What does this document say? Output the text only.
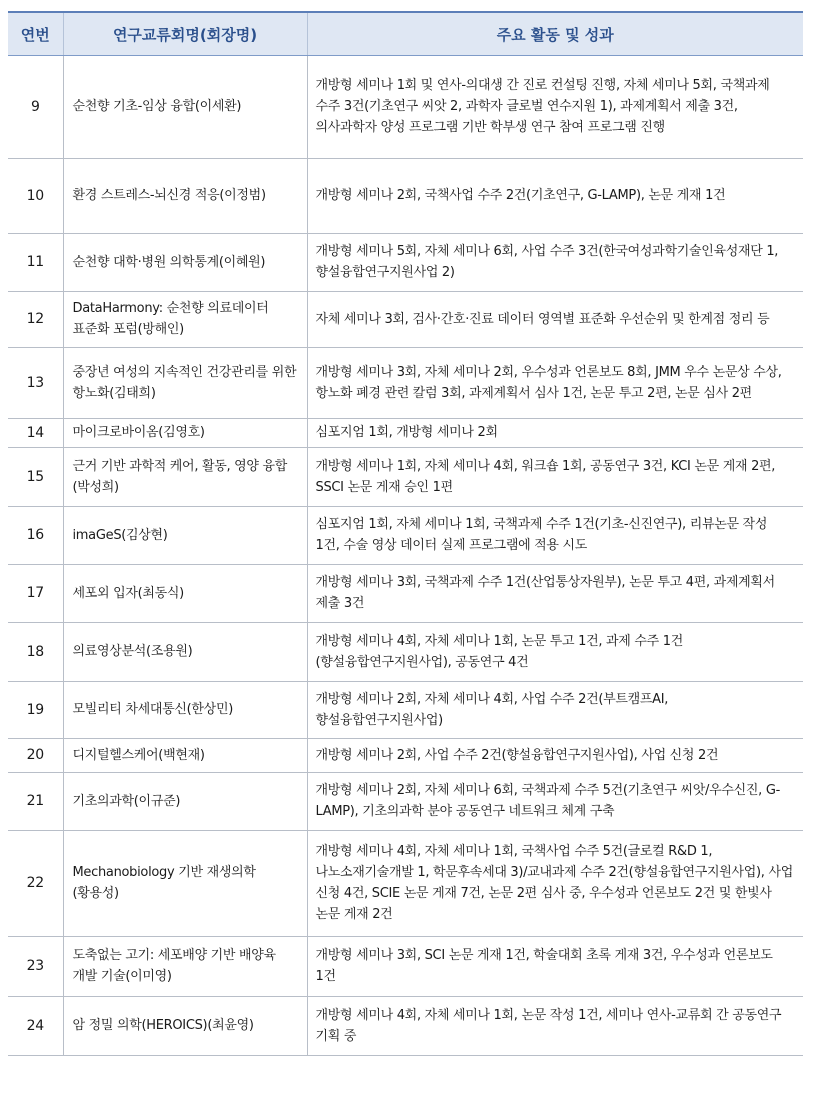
연번	연구교류회명(회장명)	주요 활동 및 성과
9	순천향 기초-임상 융합(이세환)	개방형 세미나 1회 및 연사-의대생 간 진로 컨설팅 진행, 자체 세미나 5회, 국책과제 수주 3건(기초연구 씨앗 2, 과학자 글로벌 연수지원 1), 과제계획서 제출 3건, 의사과학자 양성 프로그램 기반 학부생 연구 참여 프로그램 진행
10	환경 스트레스-뇌신경 적응(이정범)	개방형 세미나 2회, 국책사업 수주 2건(기초연구, G-LAMP), 논문 게재 1건
11	순천향 대학·병원 의학통계(이혜원)	개방형 세미나 5회, 자체 세미나 6회, 사업 수주 3건(한국여성과학기술인육성재단 1, 향설융합연구지원사업 2)
12	DataHarmony: 순천향 의료데이터 표준화 포럼(방해인)	자체 세미나 3회, 검사·간호·진료 데이터 영역별 표준화 우선순위 및 한계점 정리 등
13	중장년 여성의 지속적인 건강관리를 위한 항노화(김태희)	개방형 세미나 3회, 자체 세미나 2회, 우수성과 언론보도 8회, JMM 우수 논문상 수상, 항노화 폐경 관련 칼럼 3회, 과제계획서 심사 1건, 논문 투고 2편, 논문 심사 2편
14	마이크로바이옴(김영호)	심포지엄 1회, 개방형 세미나 2회
15	근거 기반 과학적 케어, 활동, 영양 융합(박성희)	개방형 세미나 1회, 자체 세미나 4회, 워크숍 1회, 공동연구 3건, KCI 논문 게재 2편, SSCI 논문 게재 승인 1편
16	imaGeS(김상현)	심포지엄 1회, 자체 세미나 1회, 국책과제 수주 1건(기초-신진연구), 리뷰논문 작성 1건, 수술 영상 데이터 실제 프로그램에 적용 시도
17	세포외 입자(최동식)	개방형 세미나 3회, 국책과제 수주 1건(산업통상자원부), 논문 투고 4편, 과제계획서 제출 3건
18	의료영상분석(조용원)	개방형 세미나 4회, 자체 세미나 1회, 논문 투고 1건, 과제 수주 1건(향설융합연구지원사업), 공동연구 4건
19	모빌리티 차세대통신(한상민)	개방형 세미나 2회, 자체 세미나 4회, 사업 수주 2건(부트캠프AI, 향설융합연구지원사업)
20	디지털헬스케어(백현재)	개방형 세미나 2회, 사업 수주 2건(향설융합연구지원사업), 사업 신청 2건
21	기초의과학(이규준)	개방형 세미나 2회, 자체 세미나 6회, 국책과제 수주 5건(기초연구 씨앗/우수신진, G-LAMP), 기초의과학 분야 공동연구 네트워크 체계 구축
22	Mechanobiology 기반 재생의학(황용성)	개방형 세미나 4회, 자체 세미나 1회, 국책사업 수주 5건(글로컬 R&D 1, 나노소재기술개발 1, 학문후속세대 3)/교내과제 수주 2건(향설융합연구지원사업), 사업 신청 4건, SCIE 논문 게재 7건, 논문 2편 심사 중, 우수성과 언론보도 2건 및 한빛사 논문 게재 2건
23	도축없는 고기: 세포배양 기반 배양육 개발 기술(이미영)	개방형 세미나 3회, SCI 논문 게재 1건, 학술대회 초록 게재 3건, 우수성과 언론보도 1건
24	암 정밀 의학(HEROICS)(최윤영)	개방형 세미나 4회, 자체 세미나 1회, 논문 작성 1건, 세미나 연사-교류회 간 공동연구 기획 중
